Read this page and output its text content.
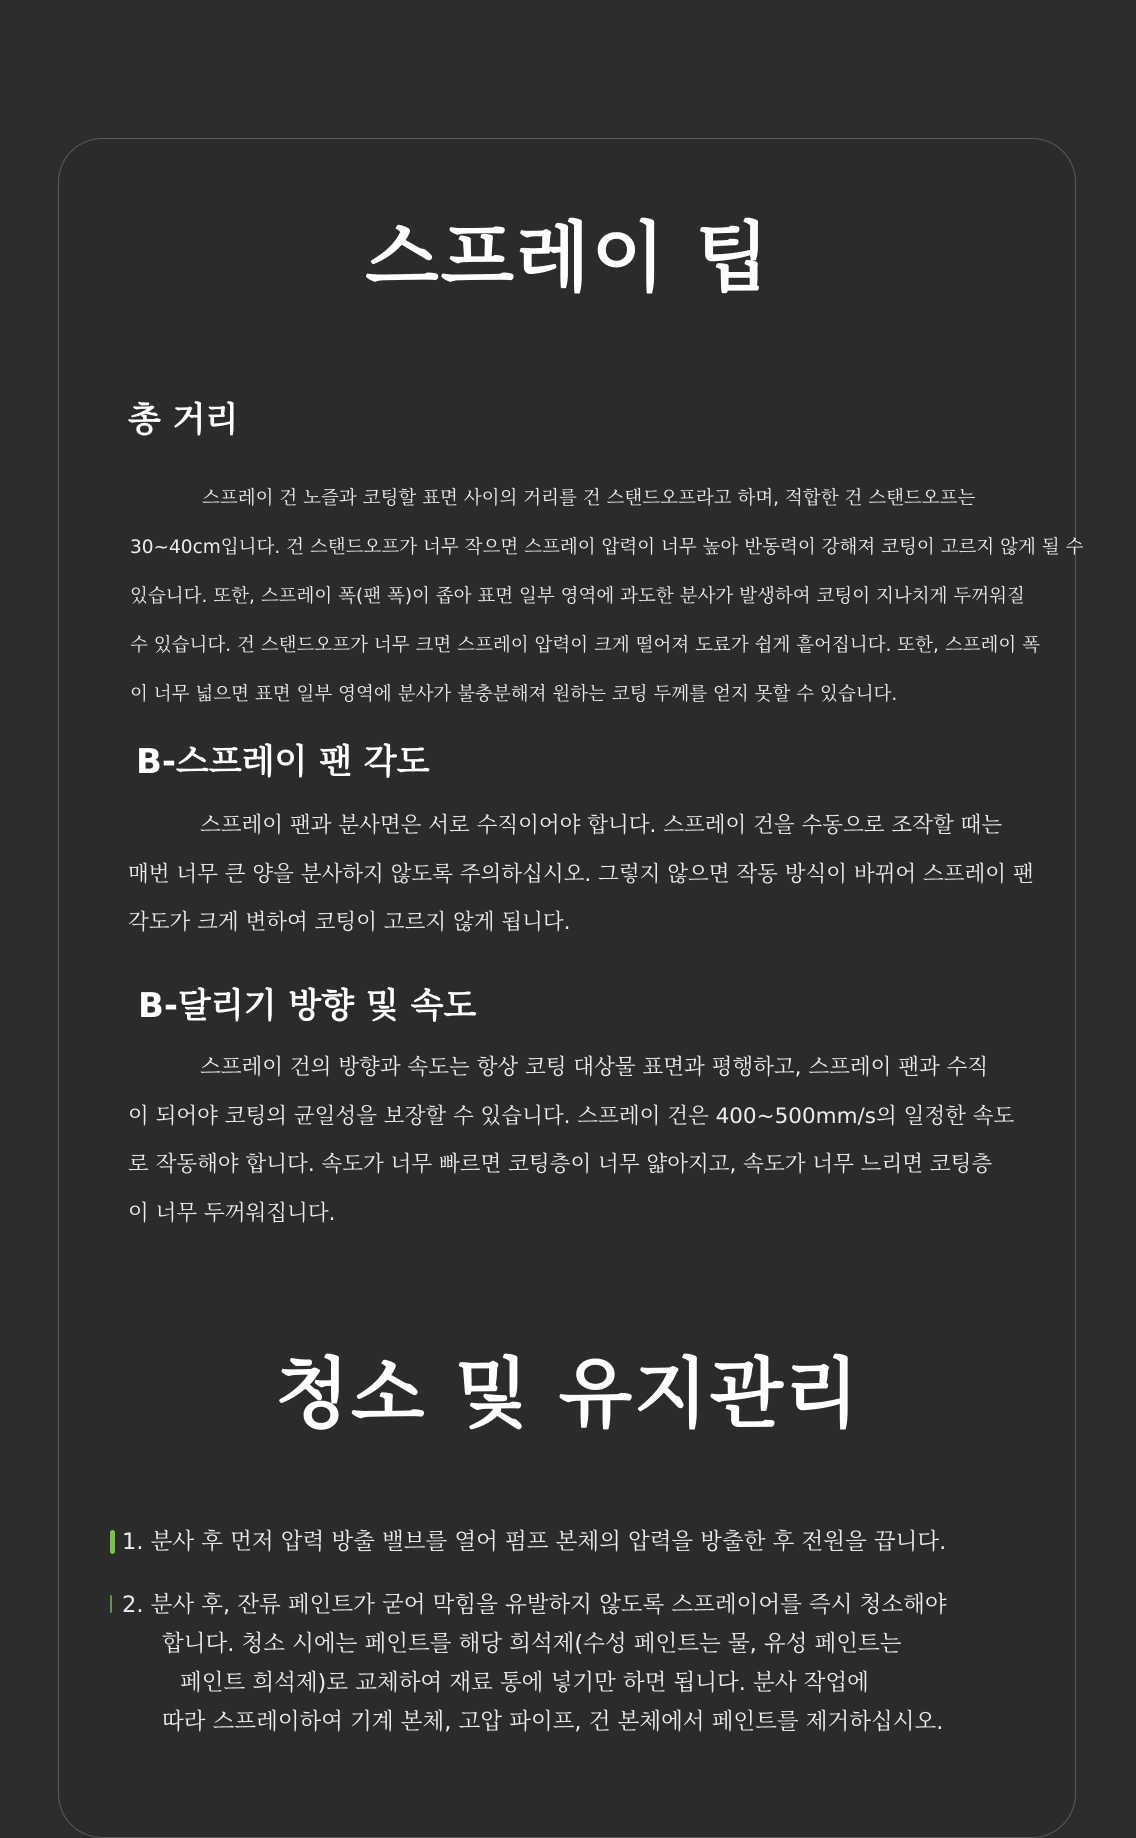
스프레이 팁
총 거리

스프레이 건 노즐과 코팅할 표면 사이의 거리를 건 스탠드오프라고 하며, 적합한 건 스탠드오프는
30~40cm입니다. 건 스탠드오프가 너무 작으면 스프레이 압력이 너무 높아 반동력이 강해져 코팅이 고르지 않게 될 수
있습니다. 또한, 스프레이 폭(팬 폭)이 좁아 표면 일부 영역에 과도한 분사가 발생하여 코팅이 지나치게 두꺼워질
수 있습니다. 건 스탠드오프가 너무 크면 스프레이 압력이 크게 떨어져 도료가 쉽게 흩어집니다. 또한, 스프레이 폭
이 너무 넓으면 표면 일부 영역에 분사가 불충분해져 원하는 코팅 두께를 얻지 못할 수 있습니다.

B-스프레이 팬 각도

스프레이 팬과 분사면은 서로 수직이어야 합니다. 스프레이 건을 수동으로 조작할 때는
매번 너무 큰 양을 분사하지 않도록 주의하십시오. 그렇지 않으면 작동 방식이 바뀌어 스프레이 팬
각도가 크게 변하여 코팅이 고르지 않게 됩니다.

B-달리기 방향 및 속도

스프레이 건의 방향과 속도는 항상 코팅 대상물 표면과 평행하고, 스프레이 팬과 수직
이 되어야 코팅의 균일성을 보장할 수 있습니다. 스프레이 건은 400~500mm/s의 일정한 속도
로 작동해야 합니다. 속도가 너무 빠르면 코팅층이 너무 얇아지고, 속도가 너무 느리면 코팅층
이 너무 두꺼워집니다.

청소 및 유지관리
1. 분사 후 먼저 압력 방출 밸브를 열어 펌프 본체의 압력을 방출한 후 전원을 끕니다.
2. 분사 후, 잔류 페인트가 굳어 막힘을 유발하지 않도록 스프레이어를 즉시 청소해야
합니다. 청소 시에는 페인트를 해당 희석제(수성 페인트는 물, 유성 페인트는
페인트 희석제)로 교체하여 재료 통에 넣기만 하면 됩니다. 분사 작업에
따라 스프레이하여 기계 본체, 고압 파이프, 건 본체에서 페인트를 제거하십시오.
